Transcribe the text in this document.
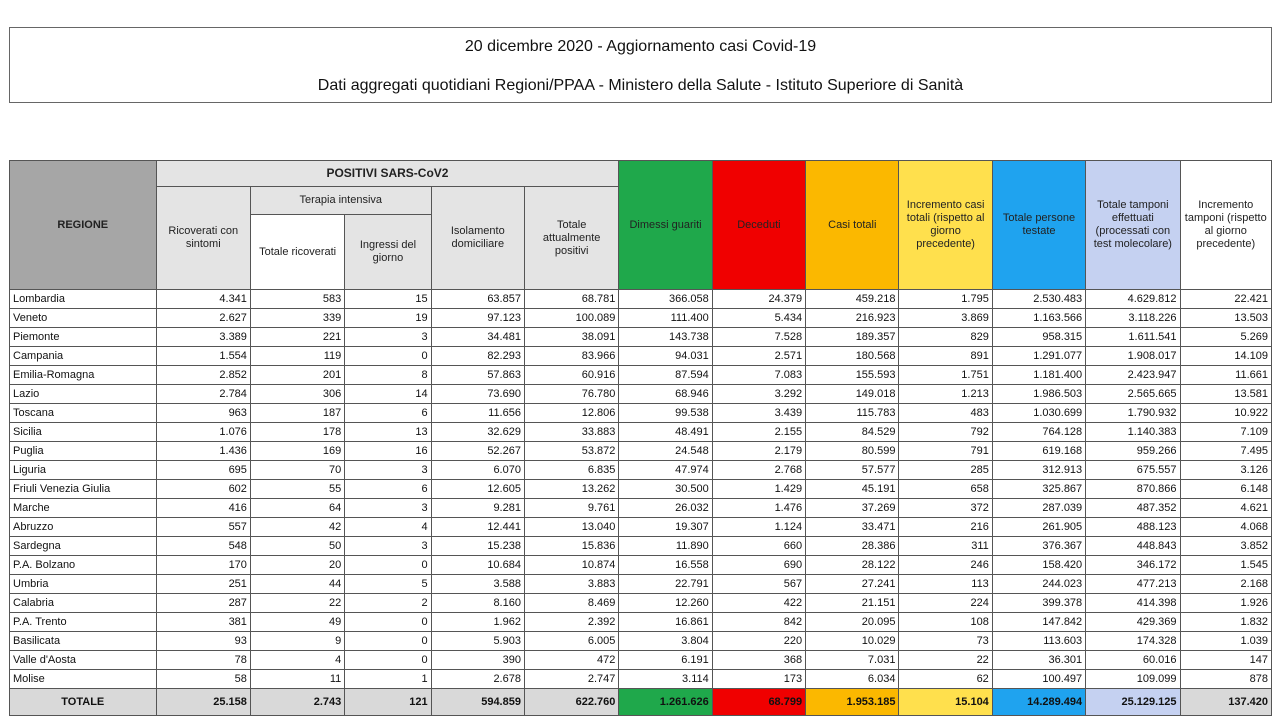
20 dicembre 2020 - Aggiornamento casi Covid-19
Dati aggregati quotidiani Regioni/PPAA - Ministero della Salute - Istituto Superiore di Sanità
REGIONE	POSITIVI SARS-CoV2					Dimessi guariti	Deceduti	Casi totali	Incremento casi totali (rispetto al giorno precedente)	Totale persone testate	Totale tamponi effettuati (processati con test molecolare)	Incremento tamponi (rispetto al giorno precedente)
	Ricoverati con sintomi	Terapia intensiva		Isolamento domiciliare	Totale attualmente positivi							
		Totale ricoverati	Ingressi del giorno									
Lombardia	4.341	583	15	63.857	68.781	366.058	24.379	459.218	1.795	2.530.483	4.629.812	22.421
Veneto	2.627	339	19	97.123	100.089	111.400	5.434	216.923	3.869	1.163.566	3.118.226	13.503
Piemonte	3.389	221	3	34.481	38.091	143.738	7.528	189.357	829	958.315	1.611.541	5.269
Campania	1.554	119	0	82.293	83.966	94.031	2.571	180.568	891	1.291.077	1.908.017	14.109
Emilia-Romagna	2.852	201	8	57.863	60.916	87.594	7.083	155.593	1.751	1.181.400	2.423.947	11.661
Lazio	2.784	306	14	73.690	76.780	68.946	3.292	149.018	1.213	1.986.503	2.565.665	13.581
Toscana	963	187	6	11.656	12.806	99.538	3.439	115.783	483	1.030.699	1.790.932	10.922
Sicilia	1.076	178	13	32.629	33.883	48.491	2.155	84.529	792	764.128	1.140.383	7.109
Puglia	1.436	169	16	52.267	53.872	24.548	2.179	80.599	791	619.168	959.266	7.495
Liguria	695	70	3	6.070	6.835	47.974	2.768	57.577	285	312.913	675.557	3.126
Friuli Venezia Giulia	602	55	6	12.605	13.262	30.500	1.429	45.191	658	325.867	870.866	6.148
Marche	416	64	3	9.281	9.761	26.032	1.476	37.269	372	287.039	487.352	4.621
Abruzzo	557	42	4	12.441	13.040	19.307	1.124	33.471	216	261.905	488.123	4.068
Sardegna	548	50	3	15.238	15.836	11.890	660	28.386	311	376.367	448.843	3.852
P.A. Bolzano	170	20	0	10.684	10.874	16.558	690	28.122	246	158.420	346.172	1.545
Umbria	251	44	5	3.588	3.883	22.791	567	27.241	113	244.023	477.213	2.168
Calabria	287	22	2	8.160	8.469	12.260	422	21.151	224	399.378	414.398	1.926
P.A. Trento	381	49	0	1.962	2.392	16.861	842	20.095	108	147.842	429.369	1.832
Basilicata	93	9	0	5.903	6.005	3.804	220	10.029	73	113.603	174.328	1.039
Valle d'Aosta	78	4	0	390	472	6.191	368	7.031	22	36.301	60.016	147
Molise	58	11	1	2.678	2.747	3.114	173	6.034	62	100.497	109.099	878
TOTALE	25.158	2.743	121	594.859	622.760	1.261.626	68.799	1.953.185	15.104	14.289.494	25.129.125	137.420
